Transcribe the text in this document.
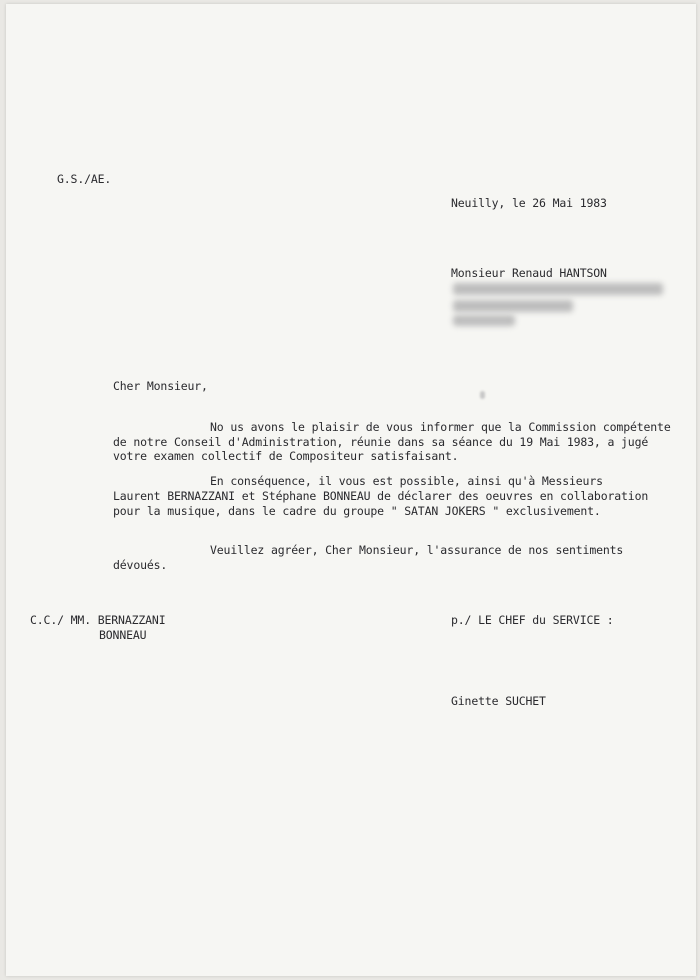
G.S./AE.
Neuilly, le 26 Mai 1983
Monsieur Renaud HANTSON
Cher Monsieur,
No us avons le plaisir de vous informer que la Commission compétente
de notre Conseil d'Administration, réunie dans sa séance du 19 Mai 1983, a jugé
votre examen collectif de Compositeur satisfaisant.
En conséquence, il vous est possible, ainsi qu'à Messieurs
Laurent BERNAZZANI et Stéphane BONNEAU de déclarer des oeuvres en collaboration
pour la musique, dans le cadre du groupe " SATAN JOKERS " exclusivement.
Veuillez agréer, Cher Monsieur, l'assurance de nos sentiments
dévoués.
C.C./ MM. BERNAZZANI
BONNEAU
p./ LE CHEF du SERVICE :
Ginette SUCHET
